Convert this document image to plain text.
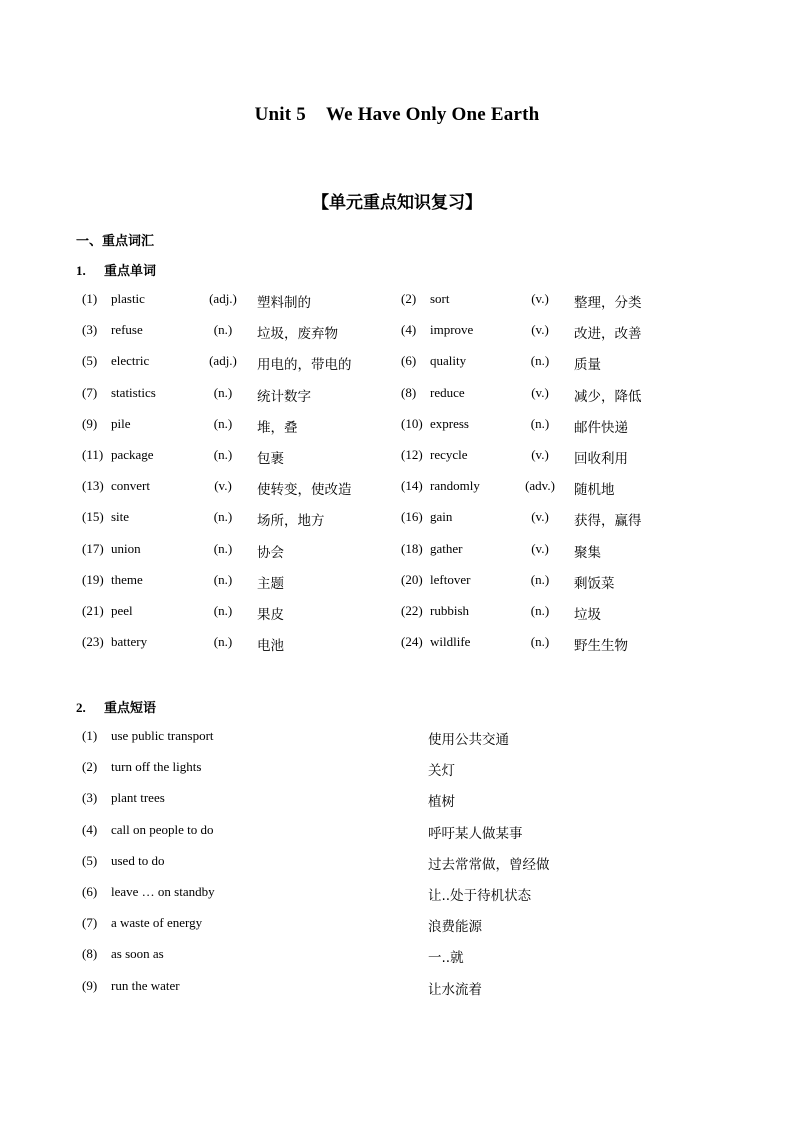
Unit 5 We Have Only One Earth
【单元重点知识复习】
一、重点词汇
1. 重点单词
(1) plastic	(adj.) 塑料制的	(2) sort	(v.)	整理，分类
(3) refuse	(n.)	垃圾，废弃物	(4) improve	(v.)	改进，改善
(5) electric	(adj.) 用电的，带电的	(6) quality	(n.)	质量
(7) statistics	(n.)	统计数字	(8) reduce	(v.)	减少，降低
(9) pile	(n.)	堆，叠	(10) express	(n.)	邮件快递
(11) package	(n.)	包裹	(12) recycle	(v.)	回收利用
(13) convert	(v.)	使转变，使改造	(14) randomly	(adv.)	随机地
(15) site	(n.)	场所，地方	(16) gain	(v.)	获得，赢得
(17) union	(n.)	协会	(18) gather	(v.)	聚集
(19) theme	(n.)	主题	(20) leftover	(n.)	剩饭菜
(21) peel	(n.)	果皮	(22) rubbish	(n.)	垃圾
(23) battery	(n.)	电池	(24) wildlife	(n.)	野生生物
2. 重点短语
(1) use public transport	使用公共交通
(2) turn off the lights	关灯
(3) plant trees	植树
(4) call on people to do	呼吁某人做某事
(5) used to do	过去常常做，曾经做
(6) leave … on standby	让..处于待机状态
(7) a waste of energy	浪费能源
(8) as soon as	一..就
(9) run the water	让水流着
